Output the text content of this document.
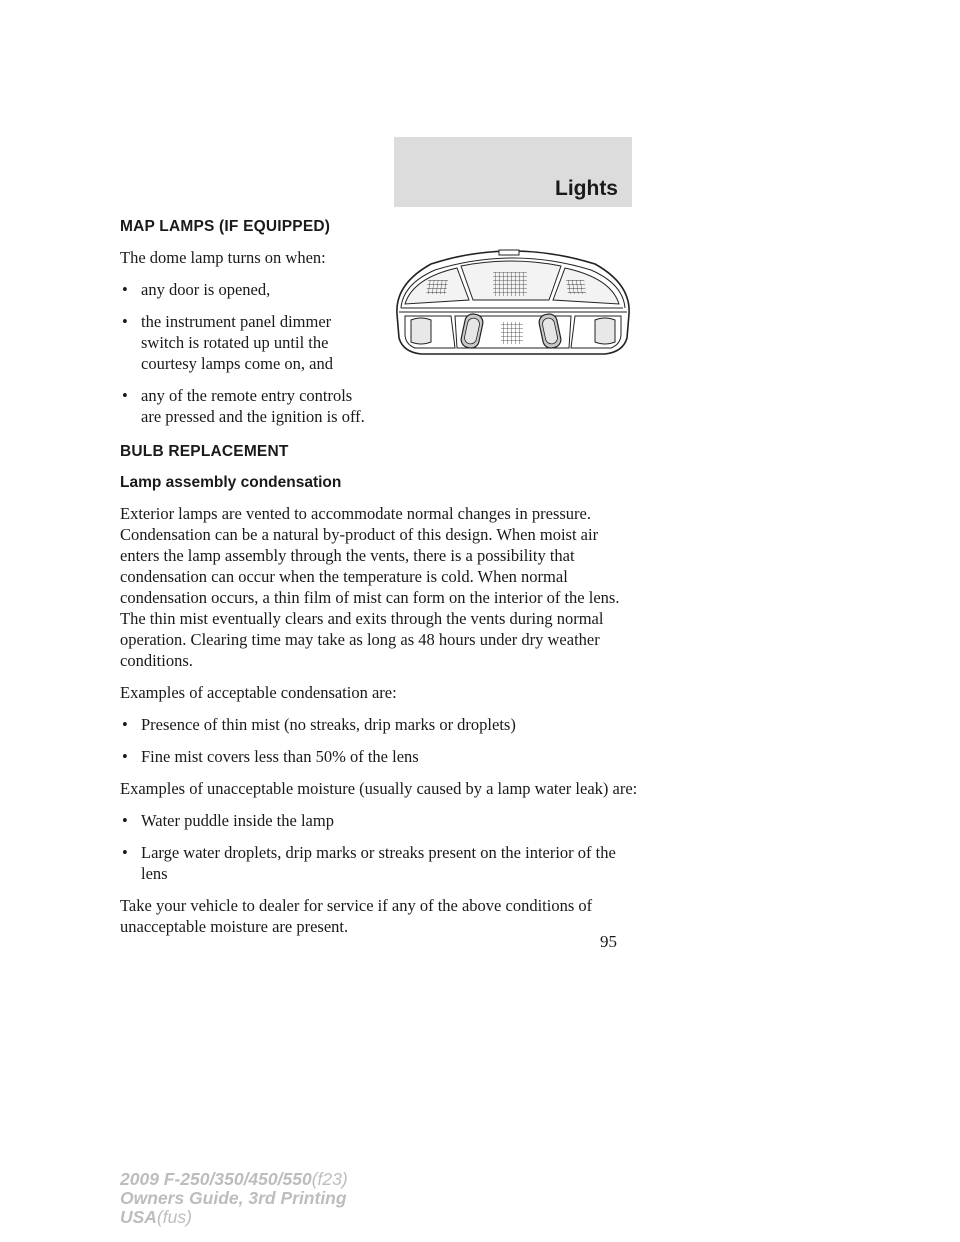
Lights
MAP LAMPS (IF EQUIPPED)

The dome lamp turns on when:

• any door is opened,
• the instrument panel dimmer switch is rotated up until the courtesy lamps come on, and
• any of the remote entry controls are pressed and the ignition is off.
BULB REPLACEMENT
Lamp assembly condensation

Exterior lamps are vented to accommodate normal changes in pressure. Condensation can be a natural by-product of this design. When moist air enters the lamp assembly through the vents, there is a possibility that condensation can occur when the temperature is cold. When normal condensation occurs, a thin film of mist can form on the interior of the lens. The thin mist eventually clears and exits through the vents during normal operation. Clearing time may take as long as 48 hours under dry weather conditions.

Examples of acceptable condensation are:

• Presence of thin mist (no streaks, drip marks or droplets)
• Fine mist covers less than 50% of the lens

Examples of unacceptable moisture (usually caused by a lamp water leak) are:

• Water puddle inside the lamp
• Large water droplets, drip marks or streaks present on the interior of the lens

Take your vehicle to dealer for service if any of the above conditions of unacceptable moisture are present.

95
2009 F-250/350/450/550(f23)
Owners Guide, 3rd Printing
USA(fus)
